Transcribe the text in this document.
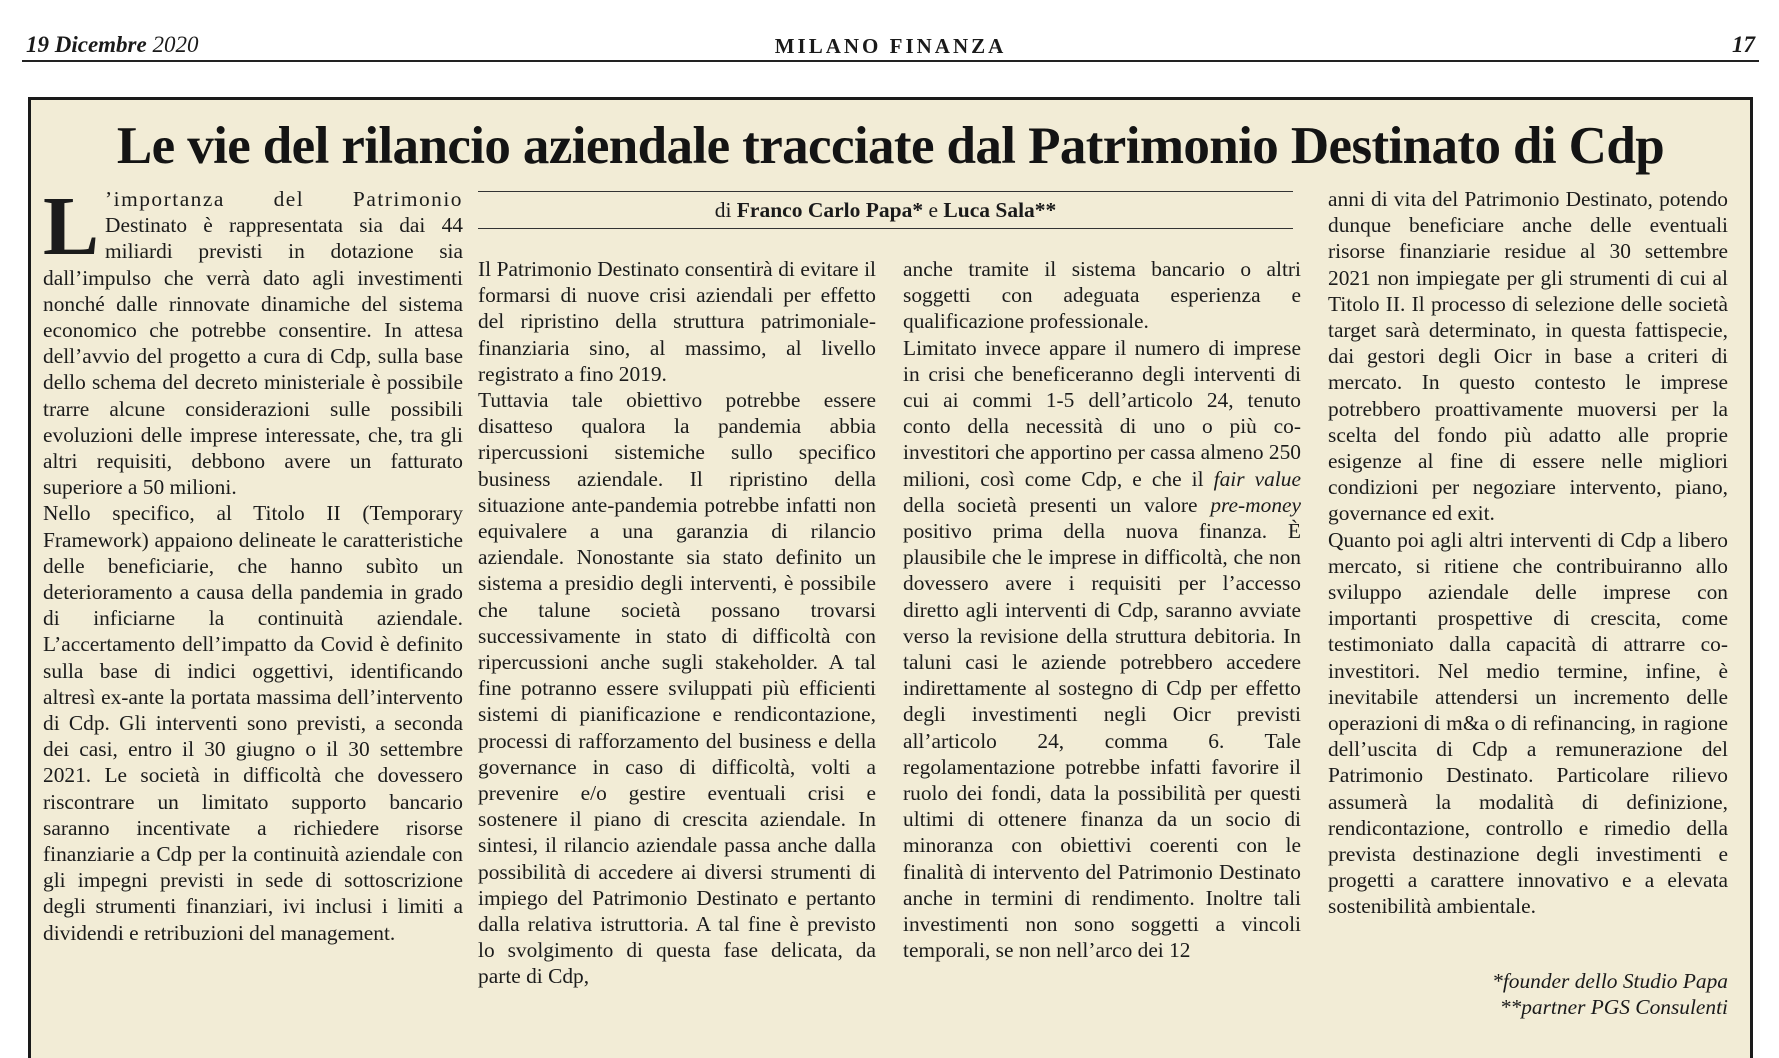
19 Dicembre 2020	MILANO FINANZA	17
Le vie del rilancio aziendale tracciate dal Patrimonio Destinato di Cdp
di Franco Carlo Papa* e Luca Sala**
L ’importanza del Patrimonio Destinato è rappresentata sia dai 44 miliardi previsti in dotazione sia dall’impulso che verrà dato agli investimenti nonché dalle rinnovate dinamiche del sistema economico che potrebbe consentire. In attesa dell’avvio del progetto a cura di Cdp, sulla base dello schema del decreto ministeriale è possibile trarre alcune considerazioni sulle possibili evoluzioni delle imprese interessate, che, tra gli altri requisiti, debbono avere un fatturato superiore a 50 milioni.

Nello specifico, al Titolo II (Temporary Framework) appaiono delineate le caratteristiche delle beneficiarie, che hanno subìto un deterioramento a causa della pandemia in grado di inficiarne la continuità aziendale. L’accertamento dell’impatto da Covid è definito sulla base di indici oggettivi, identificando altresì ex-ante la portata massima dell’intervento di Cdp. Gli interventi sono previsti, a seconda dei casi, entro il 30 giugno o il 30 settembre 2021. Le società in difficoltà che dovessero riscontrare un limitato supporto bancario saranno incentivate a richiedere risorse finanziarie a Cdp per la continuità aziendale con gli impegni previsti in sede di sottoscrizione degli strumenti finanziari, ivi inclusi i limiti a dividendi e retribuzioni del management.

Il Patrimonio Destinato consentirà di evitare il formarsi di nuove crisi aziendali per effetto del ripristino della struttura patrimoniale-finanziaria sino, al massimo, al livello registrato a fino 2019.

Tuttavia tale obiettivo potrebbe essere disatteso qualora la pandemia abbia ripercussioni sistemiche sullo specifico business aziendale. Il ripristino della situazione ante-pandemia potrebbe infatti non equivalere a una garanzia di rilancio aziendale. Nonostante sia stato definito un sistema a presidio degli interventi, è possibile che talune società possano trovarsi successivamente in stato di difficoltà con ripercussioni anche sugli stakeholder. A tal fine potranno essere sviluppati più efficienti sistemi di pianificazione e rendicontazione, processi di rafforzamento del business e della governance in caso di difficoltà, volti a prevenire e/o gestire eventuali crisi e sostenere il piano di crescita aziendale. In sintesi, il rilancio aziendale passa anche dalla possibilità di accedere ai diversi strumenti di impiego del Patrimonio Destinato e pertanto dalla relativa istruttoria. A tal fine è previsto lo svolgimento di questa fase delicata, da parte di Cdp,

anche tramite il sistema bancario o altri soggetti con adeguata esperienza e qualificazione professionale.

Limitato invece appare il numero di imprese in crisi che beneficeranno degli interventi di cui ai commi 1-5 dell’articolo 24, tenuto conto della necessità di uno o più co-investitori che apportino per cassa almeno 250 milioni, così come Cdp, e che il fair value della società presenti un valore pre-money positivo prima della nuova finanza. È plausibile che le imprese in difficoltà, che non dovessero avere i requisiti per l’accesso diretto agli interventi di Cdp, saranno avviate verso la revisione della struttura debitoria. In taluni casi le aziende potrebbero accedere indirettamente al sostegno di Cdp per effetto degli investimenti negli Oicr previsti all’articolo 24, comma 6. Tale regolamentazione potrebbe infatti favorire il ruolo dei fondi, data la possibilità per questi ultimi di ottenere finanza da un socio di minoranza con obiettivi coerenti con le finalità di intervento del Patrimonio Destinato anche in termini di rendimento. Inoltre tali investimenti non sono soggetti a vincoli temporali, se non nell’arco dei 12

anni di vita del Patrimonio Destinato, potendo dunque beneficiare anche delle eventuali risorse finanziarie residue al 30 settembre 2021 non impiegate per gli strumenti di cui al Titolo II. Il processo di selezione delle società target sarà determinato, in questa fattispecie, dai gestori degli Oicr in base a criteri di mercato. In questo contesto le imprese potrebbero proattivamente muoversi per la scelta del fondo più adatto alle proprie esigenze al fine di essere nelle migliori condizioni per negoziare intervento, piano, governance ed exit.

Quanto poi agli altri interventi di Cdp a libero mercato, si ritiene che contribuiranno allo sviluppo aziendale delle imprese con importanti prospettive di crescita, come testimoniato dalla capacità di attrarre co-investitori. Nel medio termine, infine, è inevitabile attendersi un incremento delle operazioni di m&a o di refinancing, in ragione dell’uscita di Cdp a remunerazione del Patrimonio Destinato. Particolare rilievo assumerà la modalità di definizione, rendicontazione, controllo e rimedio della prevista destinazione degli investimenti e progetti a carattere innovativo e a elevata sostenibilità ambientale.

*founder dello Studio Papa
**partner PGS Consulenti
